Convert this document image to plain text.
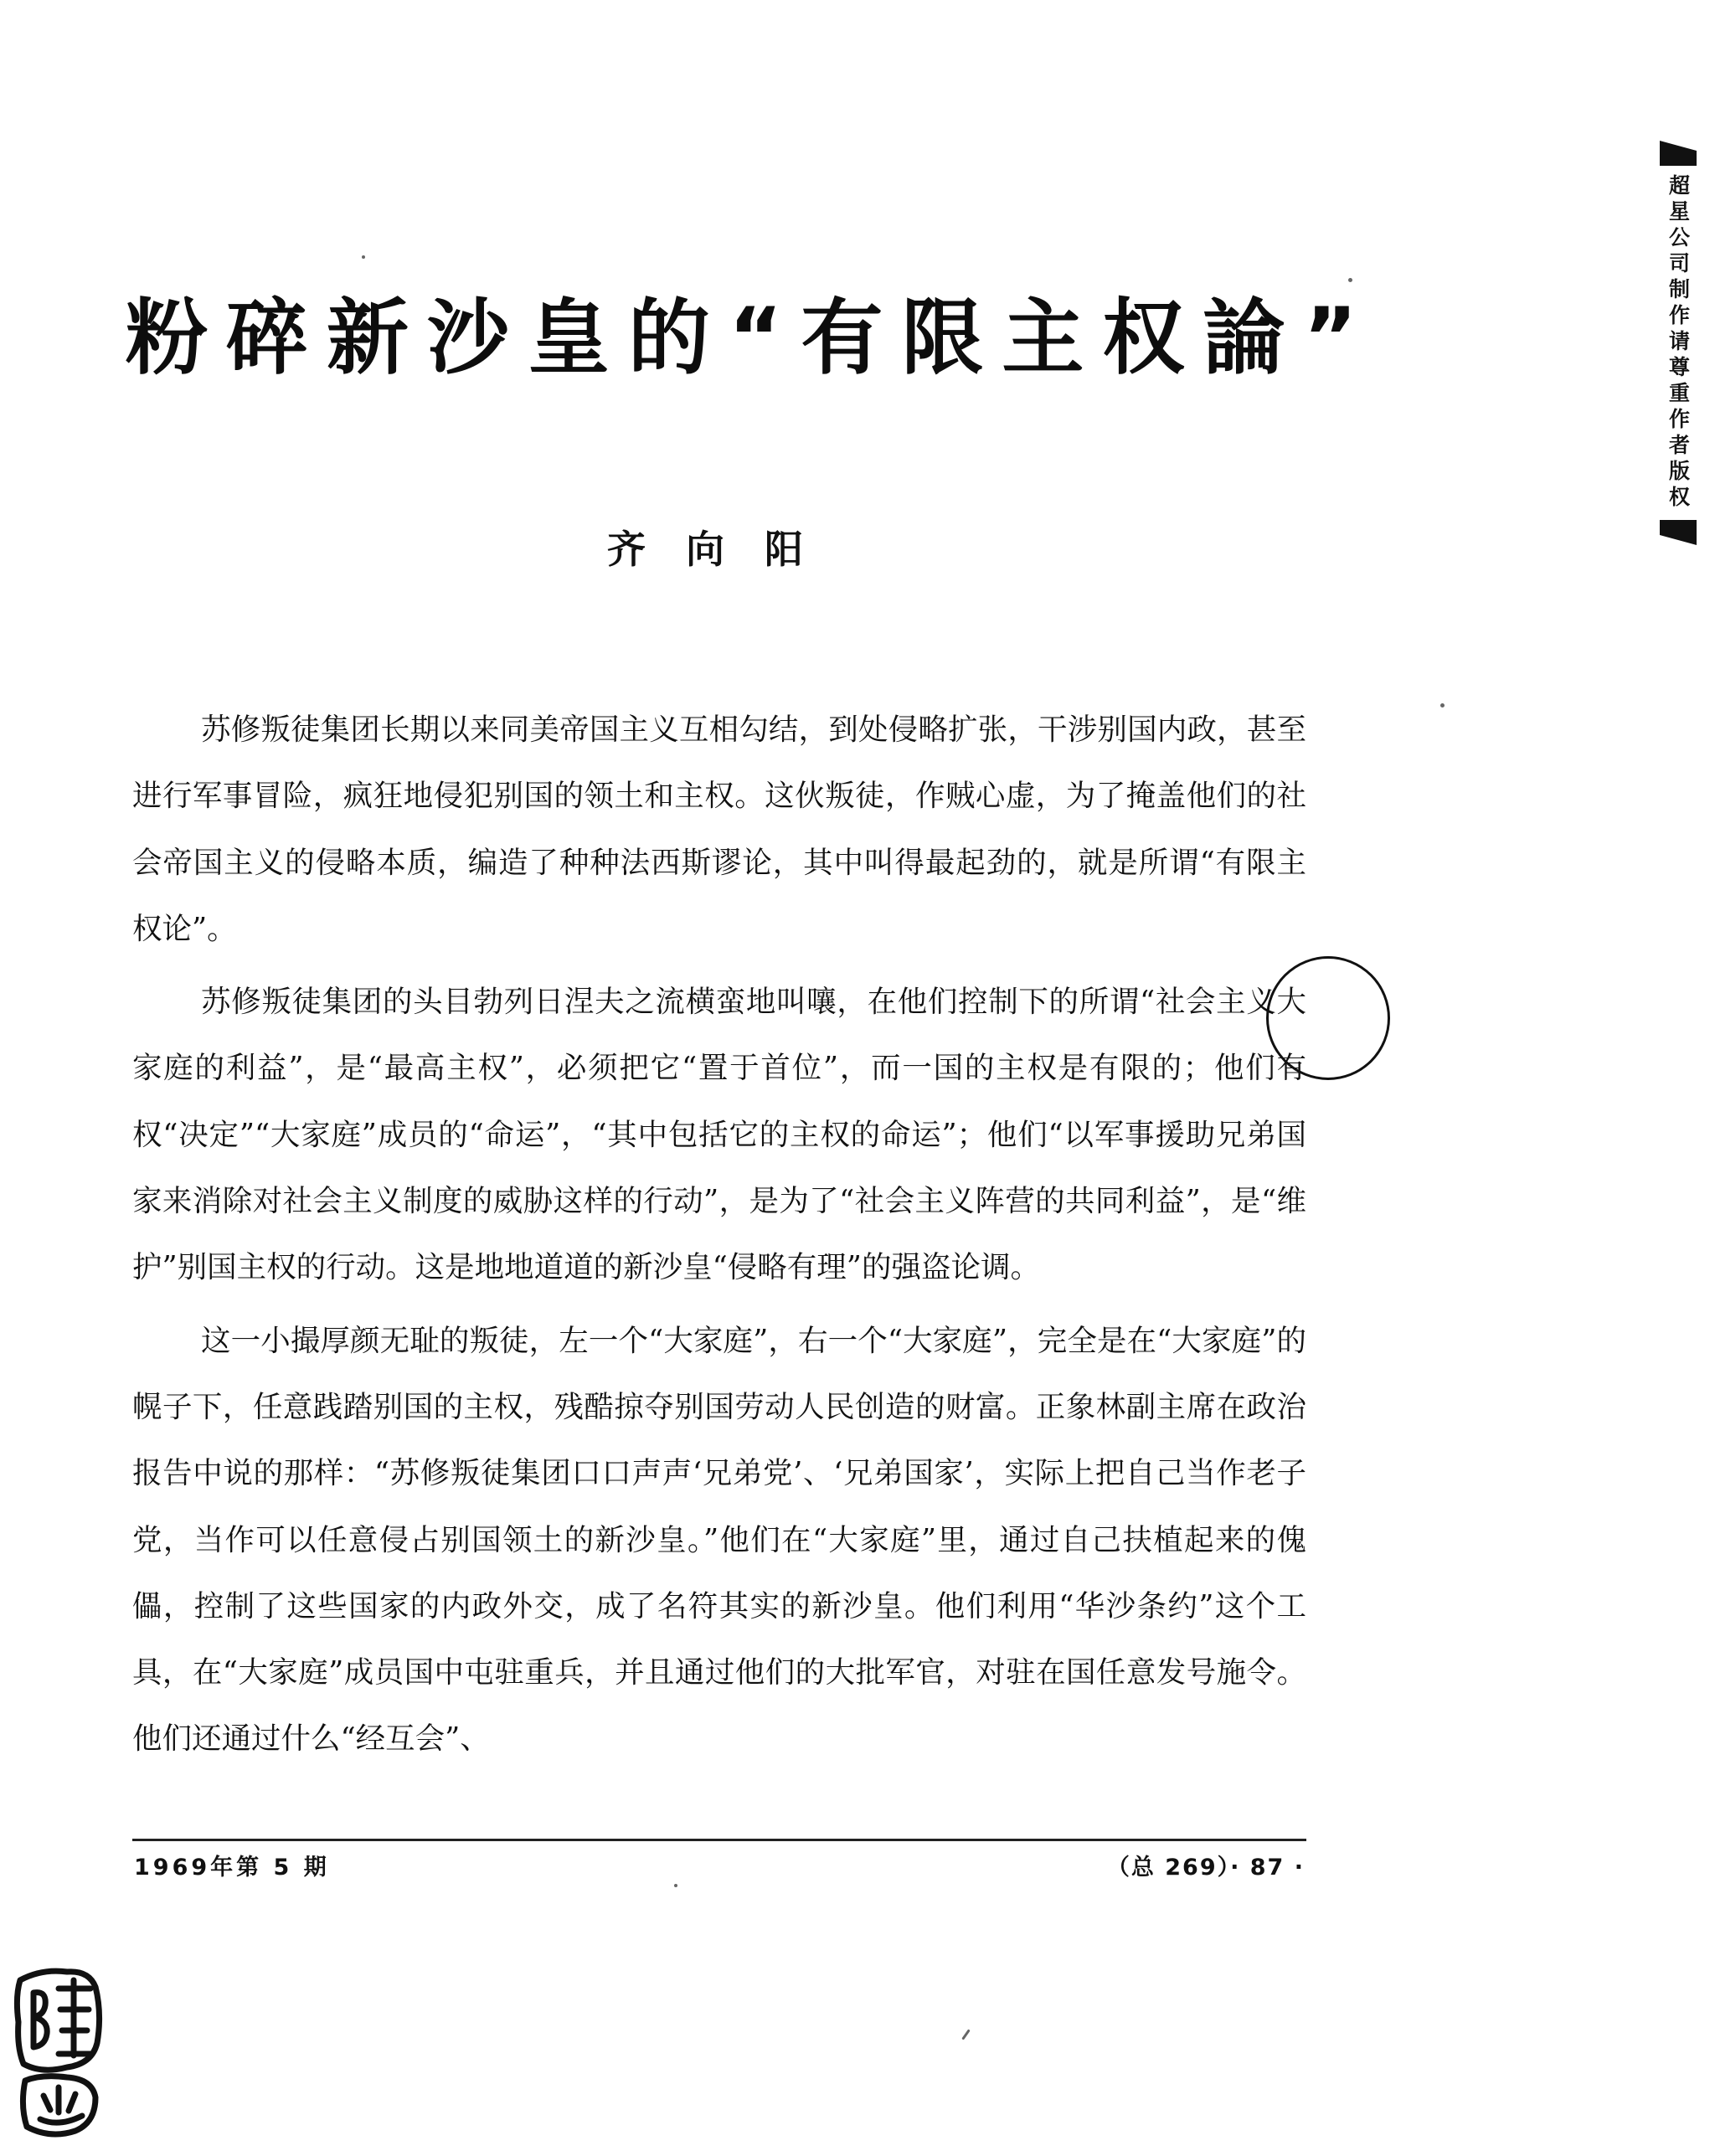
粉碎新沙皇的“有限主权論”
齐向阳

苏修叛徒集团长期以来同美帝国主义互相勾结，到处侵略扩张，干涉别国内政，甚至进行军事冒险，疯狂地侵犯别国的领土和主权。这伙叛徒，作贼心虚，为了掩盖他们的社会帝国主义的侵略本质，编造了种种法西斯谬论，其中叫得最起劲的，就是所谓“有限主权论”。

苏修叛徒集团的头目勃列日涅夫之流横蛮地叫嚷，在他们控制下的所谓“社会主义大家庭的利益”，是“最高主权”，必须把它“置于首位”，而一国的主权是有限的；他们有权“决定”“大家庭”成员的“命运”，“其中包括它的主权的命运”；他们“以军事援助兄弟国家来消除对社会主义制度的威胁这样的行动”，是为了“社会主义阵营的共同利益”，是“维护”别国主权的行动。这是地地道道的新沙皇“侵略有理”的强盗论调。

这一小撮厚颜无耻的叛徒，左一个“大家庭”，右一个“大家庭”，完全是在“大家庭”的幌子下，任意践踏别国的主权，残酷掠夺别国劳动人民创造的财富。正象林副主席在政治报告中说的那样：“苏修叛徒集团口口声声‘兄弟党’、‘兄弟国家’，实际上把自己当作老子党，当作可以任意侵占别国领土的新沙皇。”他们在“大家庭”里，通过自己扶植起来的傀儡，控制了这些国家的内政外交，成了名符其实的新沙皇。他们利用“华沙条约”这个工具，在“大家庭”成员国中屯驻重兵，并且通过他们的大批军官，对驻在国任意发号施令。他们还通过什么“经互会”、

1969年第 5 期	（总 269）· 87 ·
超星公司制作请尊重作者版权
